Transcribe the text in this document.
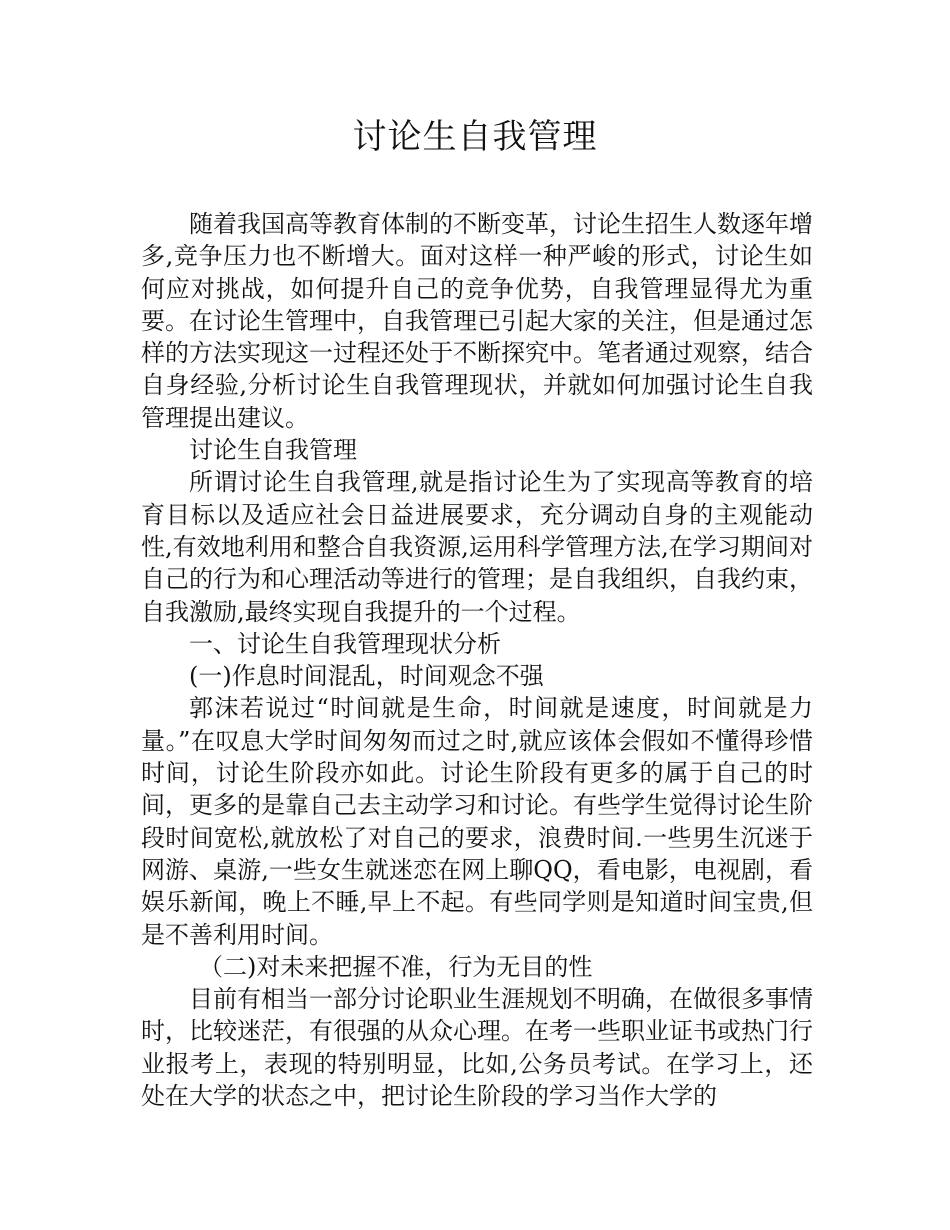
讨论生自我管理

随着我国高等教育体制的不断变革，讨论生招生人数逐年增多,竞争压力也不断增大。面对这样一种严峻的形式，讨论生如何应对挑战，如何提升自己的竞争优势，自我管理显得尤为重要。在讨论生管理中，自我管理已引起大家的关注，但是通过怎样的方法实现这一过程还处于不断探究中。笔者通过观察，结合自身经验,分析讨论生自我管理现状，并就如何加强讨论生自我管理提出建议。

讨论生自我管理

所谓讨论生自我管理,就是指讨论生为了实现高等教育的培育目标以及适应社会日益进展要求，充分调动自身的主观能动性,有效地利用和整合自我资源,运用科学管理方法,在学习期间对自己的行为和心理活动等进行的管理；是自我组织，自我约束，自我激励,最终实现自我提升的一个过程。

一、讨论生自我管理现状分析

(一)作息时间混乱，时间观念不强

郭沫若说过“时间就是生命，时间就是速度，时间就是力量。”在叹息大学时间匆匆而过之时,就应该体会假如不懂得珍惜时间，讨论生阶段亦如此。讨论生阶段有更多的属于自己的时间，更多的是靠自己去主动学习和讨论。有些学生觉得讨论生阶段时间宽松,就放松了对自己的要求，浪费时间.一些男生沉迷于网游、桌游,一些女生就迷恋在网上聊QQ，看电影，电视剧，看娱乐新闻，晚上不睡,早上不起。有些同学则是知道时间宝贵,但是不善利用时间。

（二)对未来把握不准，行为无目的性

目前有相当一部分讨论职业生涯规划不明确，在做很多事情时，比较迷茫，有很强的从众心理。在考一些职业证书或热门行业报考上，表现的特别明显，比如,公务员考试。在学习上，还处在大学的状态之中，把讨论生阶段的学习当作大学的
